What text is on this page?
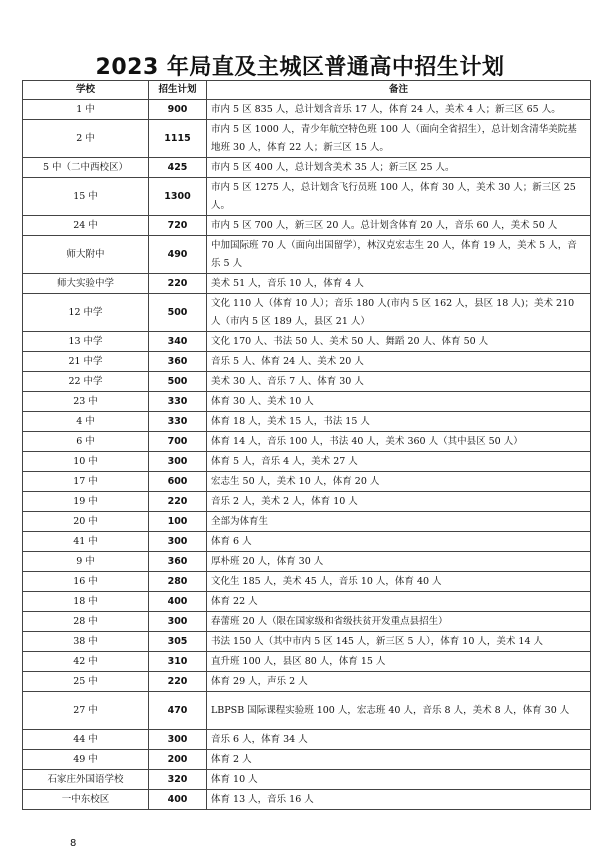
2023 年局直及主城区普通高中招生计划
学校	招生计划	备注
1 中	900	市内 5 区 835 人，总计划含音乐 17 人，体育 24 人，美术 4 人；新三区 65 人。
2 中	1115	市内 5 区 1000 人，青少年航空特色班 100 人（面向全省招生），总计划含清华美院基地班 30 人，体育 22 人；新三区 15 人。
5 中（二中西校区）	425	市内 5 区 400 人，总计划含美术 35 人；新三区 25 人。
15 中	1300	市内 5 区 1275 人，总计划含飞行员班 100 人，体育 30 人，美术 30 人；新三区 25 人。
24 中	720	市内 5 区 700 人，新三区 20 人。总计划含体育 20 人，音乐 60 人，美术 50 人
师大附中	490	中加国际班 70 人（面向出国留学），林汉克宏志生 20 人，体育 19 人，美术 5 人，音乐 5 人
师大实验中学	220	美术 51 人，音乐 10 人，体育 4 人
12 中学	500	文化 110 人（体育 10 人）；音乐 180 人(市内 5 区 162 人，县区 18 人)；美术 210 人（市内 5 区 189 人，县区 21 人）
13 中学	340	文化 170 人、书法 50 人、美术 50 人、舞蹈 20 人、体育 50 人
21 中学	360	音乐 5 人、体育 24 人、美术 20 人
22 中学	500	美术 30 人、音乐 7 人、体育 30 人
23 中	330	体育 30 人、美术 10 人
4 中	330	体育 18 人，美术 15 人，书法 15 人
6 中	700	体育 14 人，音乐 100 人，书法 40 人，美术 360 人（其中县区 50 人）
10 中	300	体育 5 人，音乐 4 人，美术 27 人
17 中	600	宏志生 50 人，美术 10 人，体育 20 人
19 中	220	音乐 2 人，美术 2 人，体育 10 人
20 中	100	全部为体育生
41 中	300	体育 6 人
9 中	360	厚朴班 20 人，体育 30 人
16 中	280	文化生 185 人，美术 45 人，音乐 10 人，体育 40 人
18 中	400	体育 22 人
28 中	300	春蕾班 20 人（限在国家级和省级扶贫开发重点县招生）
38 中	305	书法 150 人（其中市内 5 区 145 人，新三区 5 人），体育 10 人，美术 14 人
42 中	310	直升班 100 人，县区 80 人，体育 15 人
25 中	220	体育 29 人，声乐 2 人
27 中	470	LBPSB 国际课程实验班 100 人，宏志班 40 人，音乐 8 人，美术 8 人，体育 30 人
44 中	300	音乐 6 人，体育 34 人
49 中	200	体育 2 人
石家庄外国语学校	320	体育 10 人
一中东校区	400	体育 13 人，音乐 16 人
8
